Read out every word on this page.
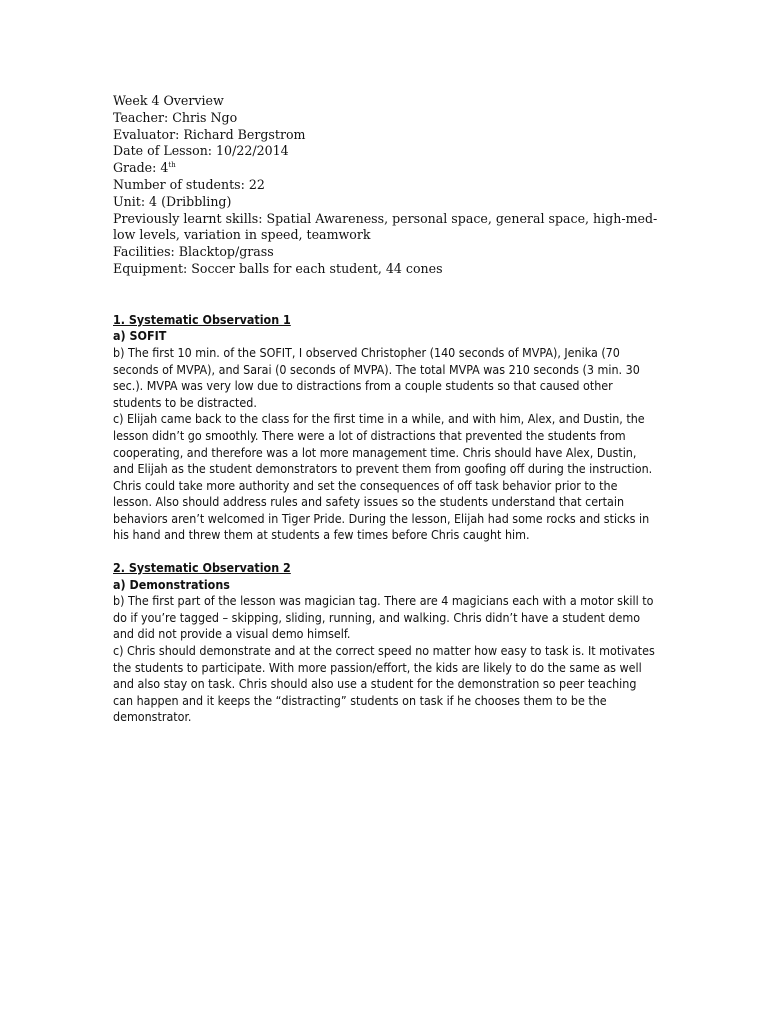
Week 4 Overview
Teacher: Chris Ngo
Evaluator: Richard Bergstrom
Date of Lesson: 10/22/2014
Grade: 4th
Number of students: 22
Unit: 4 (Dribbling)
Previously learnt skills: Spatial Awareness, personal space, general space, high-med-low levels, variation in speed, teamwork
Facilities: Blacktop/grass
Equipment: Soccer balls for each student, 44 cones
1. Systematic Observation 1
a) SOFIT

b) The first 10 min. of the SOFIT, I observed Christopher (140 seconds of MVPA), Jenika (70 seconds of MVPA), and Sarai (0 seconds of MVPA). The total MVPA was 210 seconds (3 min. 30 sec.). MVPA was very low due to distractions from a couple students so that caused other students to be distracted.

c) Elijah came back to the class for the first time in a while, and with him, Alex, and Dustin, the lesson didn’t go smoothly. There were a lot of distractions that prevented the students from cooperating, and therefore was a lot more management time. Chris should have Alex, Dustin, and Elijah as the student demonstrators to prevent them from goofing off during the instruction. Chris could take more authority and set the consequences of off task behavior prior to the lesson. Also should address rules and safety issues so the students understand that certain behaviors aren’t welcomed in Tiger Pride. During the lesson, Elijah had some rocks and sticks in his hand and threw them at students a few times before Chris caught him.

2. Systematic Observation 2
a) Demonstrations

b) The first part of the lesson was magician tag. There are 4 magicians each with a motor skill to do if you’re tagged – skipping, sliding, running, and walking. Chris didn’t have a student demo and did not provide a visual demo himself.

c) Chris should demonstrate and at the correct speed no matter how easy to task is. It motivates the students to participate. With more passion/effort, the kids are likely to do the same as well and also stay on task. Chris should also use a student for the demonstration so peer teaching can happen and it keeps the “distracting” students on task if he chooses them to be the demonstrator.
